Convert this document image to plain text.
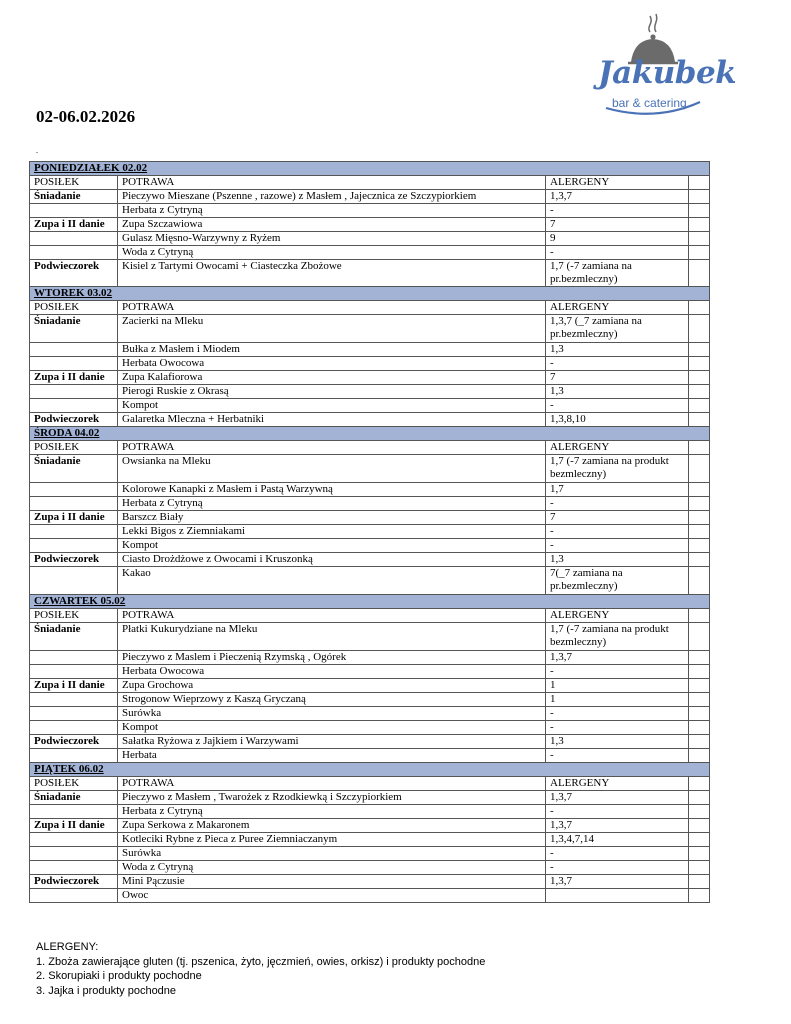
Jakubek
bar & catering
02-06.02.2026
.
PONIEDZIAŁEK 02.02			
POSIŁEK	POTRAWA	ALERGENY	
Śniadanie	Pieczywo Mieszane (Pszenne , razowe) z Masłem , Jajecznica ze Szczypiorkiem	1,3,7	
	Herbata z Cytryną	-	
Zupa i II danie	Zupa Szczawiowa	7	
	Gulasz Mięsno-Warzywny z Ryżem	9	
	Woda z Cytryną	-	
Podwieczorek	Kisiel z Tartymi Owocami + Ciasteczka Zbożowe	1,7 (-7 zamiana na pr.bezmleczny)	
WTOREK 03.02			
POSIŁEK	POTRAWA	ALERGENY	
Śniadanie	Zacierki na Mleku	1,3,7 (_7 zamiana na pr.bezmleczny)	
	Bułka z Masłem i Miodem	1,3	
	Herbata Owocowa	-	
Zupa i II danie	Zupa Kalafiorowa	7	
	Pierogi Ruskie z Okrasą	1,3	
	Kompot	-	
Podwieczorek	Galaretka Mleczna + Herbatniki	1,3,8,10	
ŚRODA 04.02			
POSIŁEK	POTRAWA	ALERGENY	
Śniadanie	Owsianka na Mleku	1,7 (-7 zamiana na produkt bezmleczny)	
	Kolorowe Kanapki z Masłem i Pastą Warzywną	1,7	
	Herbata z Cytryną	-	
Zupa i II danie	Barszcz Biały	7	
	Lekki Bigos z Ziemniakami	-	
	Kompot	-	
Podwieczorek	Ciasto Drożdżowe z Owocami i Kruszonką	1,3	
	Kakao	7(_7 zamiana na pr.bezmleczny)	
CZWARTEK 05.02			
POSIŁEK	POTRAWA	ALERGENY	
Śniadanie	Płatki Kukurydziane na Mleku	1,7 (-7 zamiana na produkt bezmleczny)	
	Pieczywo z Maslem i Pieczenią Rzymską , Ogórek	1,3,7	
	Herbata Owocowa	-	
Zupa i II danie	Zupa Grochowa	1	
	Strogonow Wieprzowy z Kaszą Gryczaną	1	
	Surówka	-	
	Kompot	-	
Podwieczorek	Sałatka Ryżowa z Jajkiem i Warzywami	1,3	
	Herbata	-	
PIĄTEK 06.02			
POSIŁEK	POTRAWA	ALERGENY	
Śniadanie	Pieczywo z Masłem , Twarożek z Rzodkiewką i Szczypiorkiem	1,3,7	
	Herbata z Cytryną	-	
Zupa i II danie	Zupa Serkowa z Makaronem	1,3,7	
	Kotleciki Rybne z Pieca z Puree Ziemniaczanym	1,3,4,7,14	
	Surówka	-	
	Woda z Cytryną	-	
Podwieczorek	Mini Pączusie	1,3,7	
	Owoc		
ALERGENY:
1. Zboża zawierające gluten (tj. pszenica, żyto, jęczmień, owies, orkisz) i produkty pochodne
2. Skorupiaki i produkty pochodne
3. Jajka i produkty pochodne
